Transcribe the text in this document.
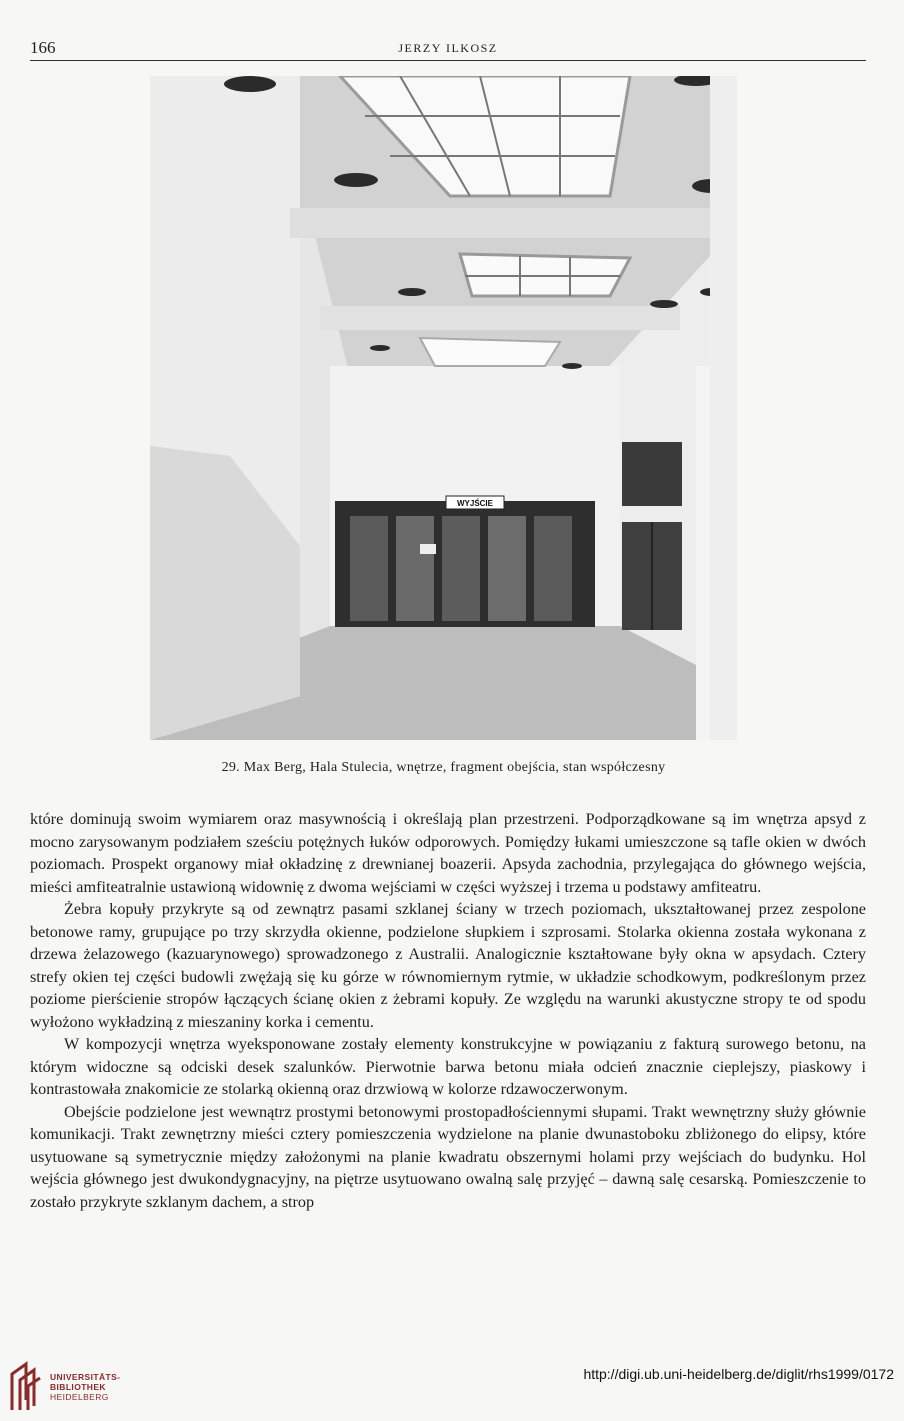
166	JERZY ILKOSZ
WYJŚCIE
29. Max Berg, Hala Stulecia, wnętrze, fragment obejścia, stan współczesny

które dominują swoim wymiarem oraz masywnością i określają plan przestrzeni. Podporządkowane są im wnętrza apsyd z mocno zarysowanym podziałem sześciu potężnych łuków odporowych. Pomiędzy łukami umieszczone są tafle okien w dwóch poziomach. Prospekt organowy miał okładzinę z drewnianej boazerii. Apsyda zachodnia, przylegająca do głównego wejścia, mieści amfiteatralnie ustawioną widownię z dwoma wejściami w części wyższej i trzema u podstawy amfiteatru.

Żebra kopuły przykryte są od zewnątrz pasami szklanej ściany w trzech poziomach, ukształtowanej przez zespolone betonowe ramy, grupujące po trzy skrzydła okienne, podzielone słupkiem i szprosami. Stolarka okienna została wykonana z drzewa żelazowego (kazuarynowego) sprowadzonego z Australii. Analogicznie kształtowane były okna w apsydach. Cztery strefy okien tej części budowli zwężają się ku górze w równomiernym rytmie, w układzie schodkowym, podkreślonym przez poziome pierścienie stropów łączących ścianę okien z żebrami kopuły. Ze względu na warunki akustyczne stropy te od spodu wyłożono wykładziną z mieszaniny korka i cementu.

W kompozycji wnętrza wyeksponowane zostały elementy konstrukcyjne w powiązaniu z fakturą surowego betonu, na którym widoczne są odciski desek szalunków. Pierwotnie barwa betonu miała odcień znacznie cieplejszy, piaskowy i kontrastowała znakomicie ze stolarką okienną oraz drzwiową w kolorze rdzawoczerwonym.

Obejście podzielone jest wewnątrz prostymi betonowymi prostopadłościennymi słupami. Trakt wewnętrzny służy głównie komunikacji. Trakt zewnętrzny mieści cztery pomieszczenia wydzielone na planie dwunastoboku zbliżonego do elipsy, które usytuowane są symetrycznie między założonymi na planie kwadratu obszernymi holami przy wejściach do budynku. Hol wejścia głównego jest dwukondygnacyjny, na piętrze usytuowano owalną salę przyjęć – dawną salę cesarską. Pomieszczenie to zostało przykryte szklanym dachem, a strop

UNIVERSITÄTS-
BIBLIOTHEK
HEIDELBERG
http://digi.ub.uni-heidelberg.de/diglit/rhs1999/0172
